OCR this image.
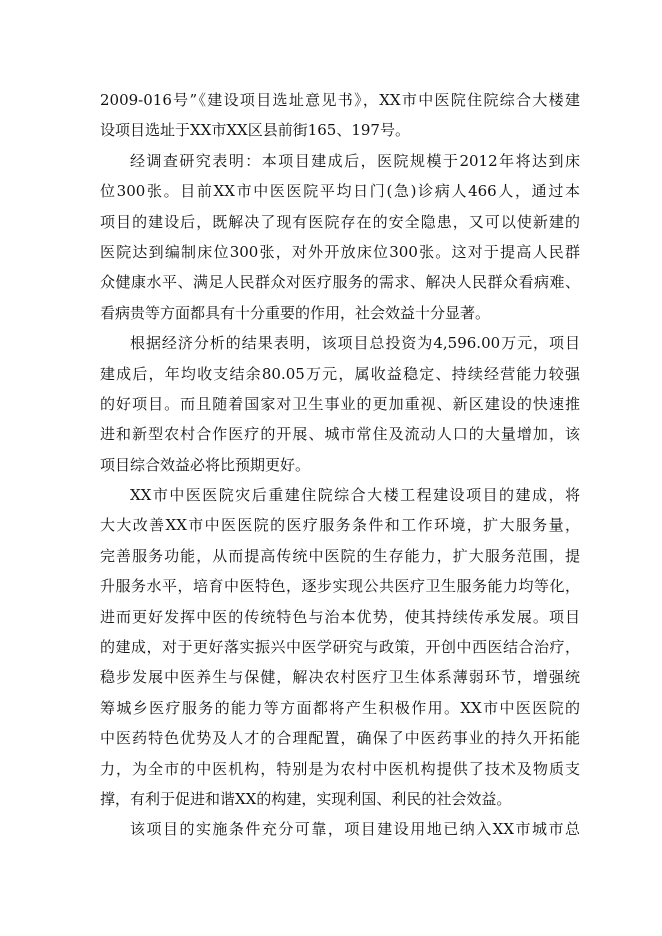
2009-016号”《建设项目选址意见书》，XX市中医院住院综合大楼建
设项目选址于XX市XX区县前街165、197号。
经调查研究表明：本项目建成后，医院规模于2012年将达到床
位300张。目前XX市中医医院平均日门(急)诊病人466人，通过本
项目的建设后，既解决了现有医院存在的安全隐患，又可以使新建的
医院达到编制床位300张，对外开放床位300张。这对于提高人民群
众健康水平、满足人民群众对医疗服务的需求、解决人民群众看病难、
看病贵等方面都具有十分重要的作用，社会效益十分显著。
根据经济分析的结果表明，该项目总投资为4,596.00万元，项目
建成后，年均收支结余80.05万元，属收益稳定、持续经营能力较强
的好项目。而且随着国家对卫生事业的更加重视、新区建设的快速推
进和新型农村合作医疗的开展、城市常住及流动人口的大量增加，该
项目综合效益必将比预期更好。
XX市中医医院灾后重建住院综合大楼工程建设项目的建成，将
大大改善XX市中医医院的医疗服务条件和工作环境，扩大服务量，
完善服务功能，从而提高传统中医院的生存能力，扩大服务范围，提
升服务水平，培育中医特色，逐步实现公共医疗卫生服务能力均等化，
进而更好发挥中医的传统特色与治本优势，使其持续传承发展。项目
的建成，对于更好落实振兴中医学研究与政策，开创中西医结合治疗，
稳步发展中医养生与保健，解决农村医疗卫生体系薄弱环节，增强统
筹城乡医疗服务的能力等方面都将产生积极作用。XX市中医医院的
中医药特色优势及人才的合理配置，确保了中医药事业的持久开拓能
力，为全市的中医机构，特别是为农村中医机构提供了技术及物质支
撑，有利于促进和谐XX的构建，实现利国、利民的社会效益。
该项目的实施条件充分可靠，项目建设用地已纳入XX市城市总
